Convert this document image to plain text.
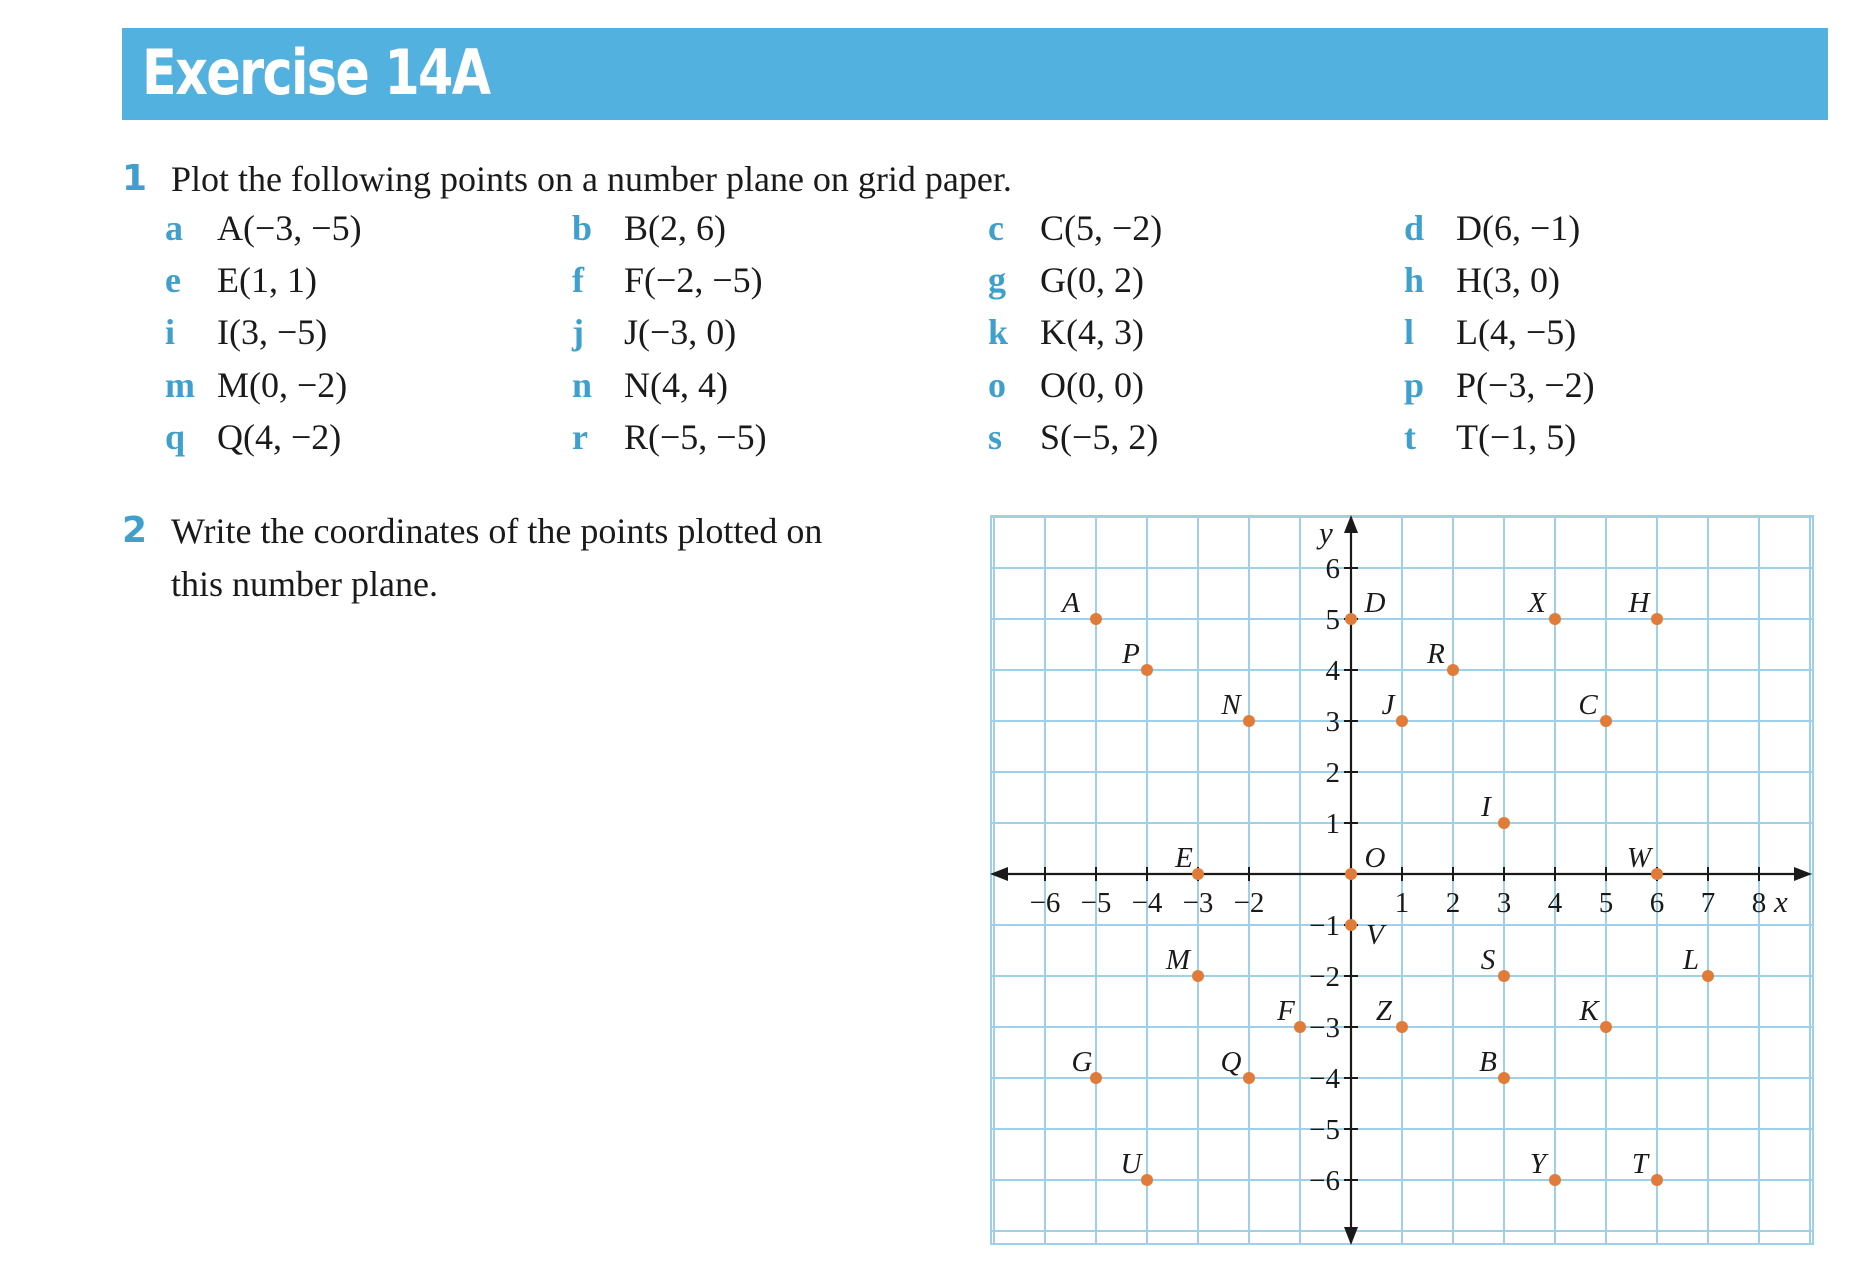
Exercise 14A
1 Plot the following points on a number plane on grid paper.
a A(−3, −5)	b B(2, 6)	c C(5, −2)	d D(6, −1)
e E(1, 1)	f F(−2, −5)	g G(0, 2)	h H(3, 0)
i I(3, −5)	j J(−3, 0)	k K(4, 3)	l L(4, −5)
m M(0, −2)	n N(4, 4)	o O(0, 0)	p P(−3, −2)
q Q(4, −2)	r R(−5, −5)	s S(−5, 2)	t T(−1, 5)
2 Write the coordinates of the points plotted on
this number plane.
−6 −5 −4 −3 −2	1 2 3 4 5 6 7 8
6
5
4
3
2
1
−1
−2
−3
−4
−5
−6
x
y
A	D	X	H
P	R
N	J	C
I
E	O	W
V
M	S	L
F	Z	K
G	Q	B
U	Y	T
